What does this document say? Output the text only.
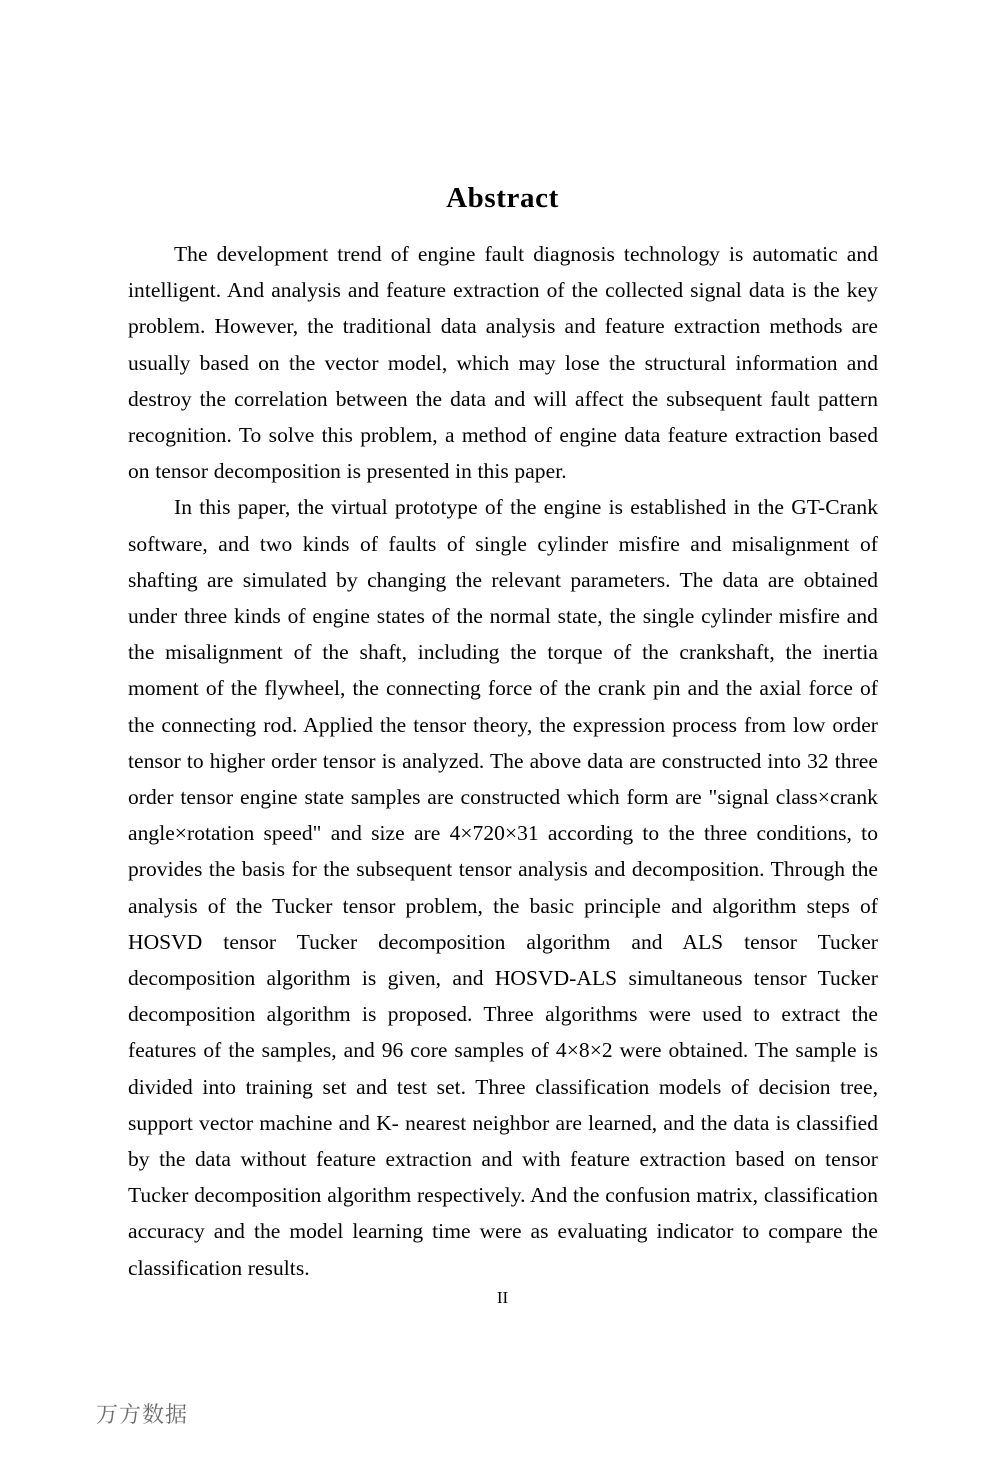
Abstract

The development trend of engine fault diagnosis technology is automatic and intelligent. And analysis and feature extraction of the collected signal data is the key problem. However, the traditional data analysis and feature extraction methods are usually based on the vector model, which may lose the structural information and destroy the correlation between the data and will affect the subsequent fault pattern recognition. To solve this problem, a method of engine data feature extraction based on tensor decomposition is presented in this paper.

In this paper, the virtual prototype of the engine is established in the GT-Crank software, and two kinds of faults of single cylinder misfire and misalignment of shafting are simulated by changing the relevant parameters. The data are obtained under three kinds of engine states of the normal state, the single cylinder misfire and the misalignment of the shaft, including the torque of the crankshaft, the inertia moment of the flywheel, the connecting force of the crank pin and the axial force of the connecting rod. Applied the tensor theory, the expression process from low order tensor to higher order tensor is analyzed. The above data are constructed into 32 three order tensor engine state samples are constructed which form are "signal class×crank angle×rotation speed" and size are 4×720×31 according to the three conditions, to provides the basis for the subsequent tensor analysis and decomposition. Through the analysis of the Tucker tensor problem, the basic principle and algorithm steps of HOSVD tensor Tucker decomposition algorithm and ALS tensor Tucker decomposition algorithm is given, and HOSVD-ALS simultaneous tensor Tucker decomposition algorithm is proposed. Three algorithms were used to extract the features of the samples, and 96 core samples of 4×8×2 were obtained. The sample is divided into training set and test set. Three classification models of decision tree, support vector machine and K- nearest neighbor are learned, and the data is classified by the data without feature extraction and with feature extraction based on tensor Tucker decomposition algorithm respectively. And the confusion matrix, classification accuracy and the model learning time were as evaluating indicator to compare the classification results.

II
万方数据
